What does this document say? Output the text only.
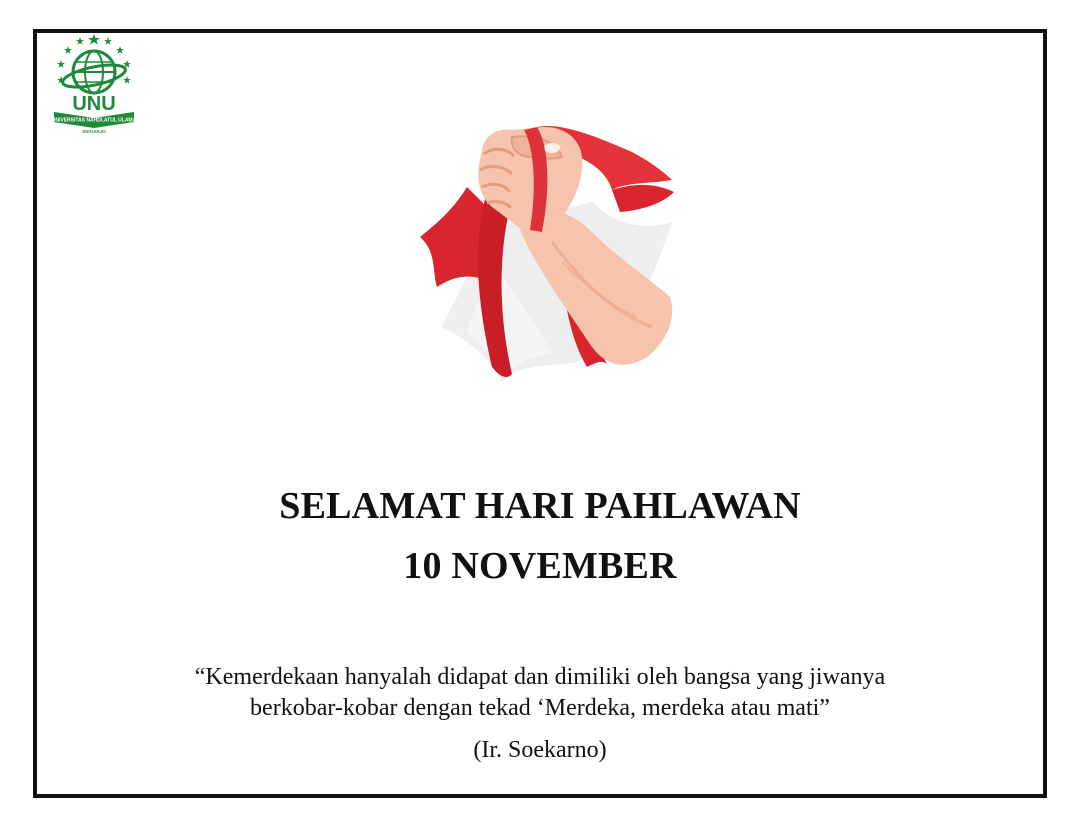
UNU
UNIVERSITAS NAHDLATUL ULAMA
SIDOARJO
SELAMAT HARI PAHLAWAN
10 NOVEMBER
“Kemerdekaan hanyalah didapat dan dimiliki oleh bangsa yang jiwanya
berkobar-kobar dengan tekad ‘Merdeka, merdeka atau mati”
(Ir. Soekarno)
